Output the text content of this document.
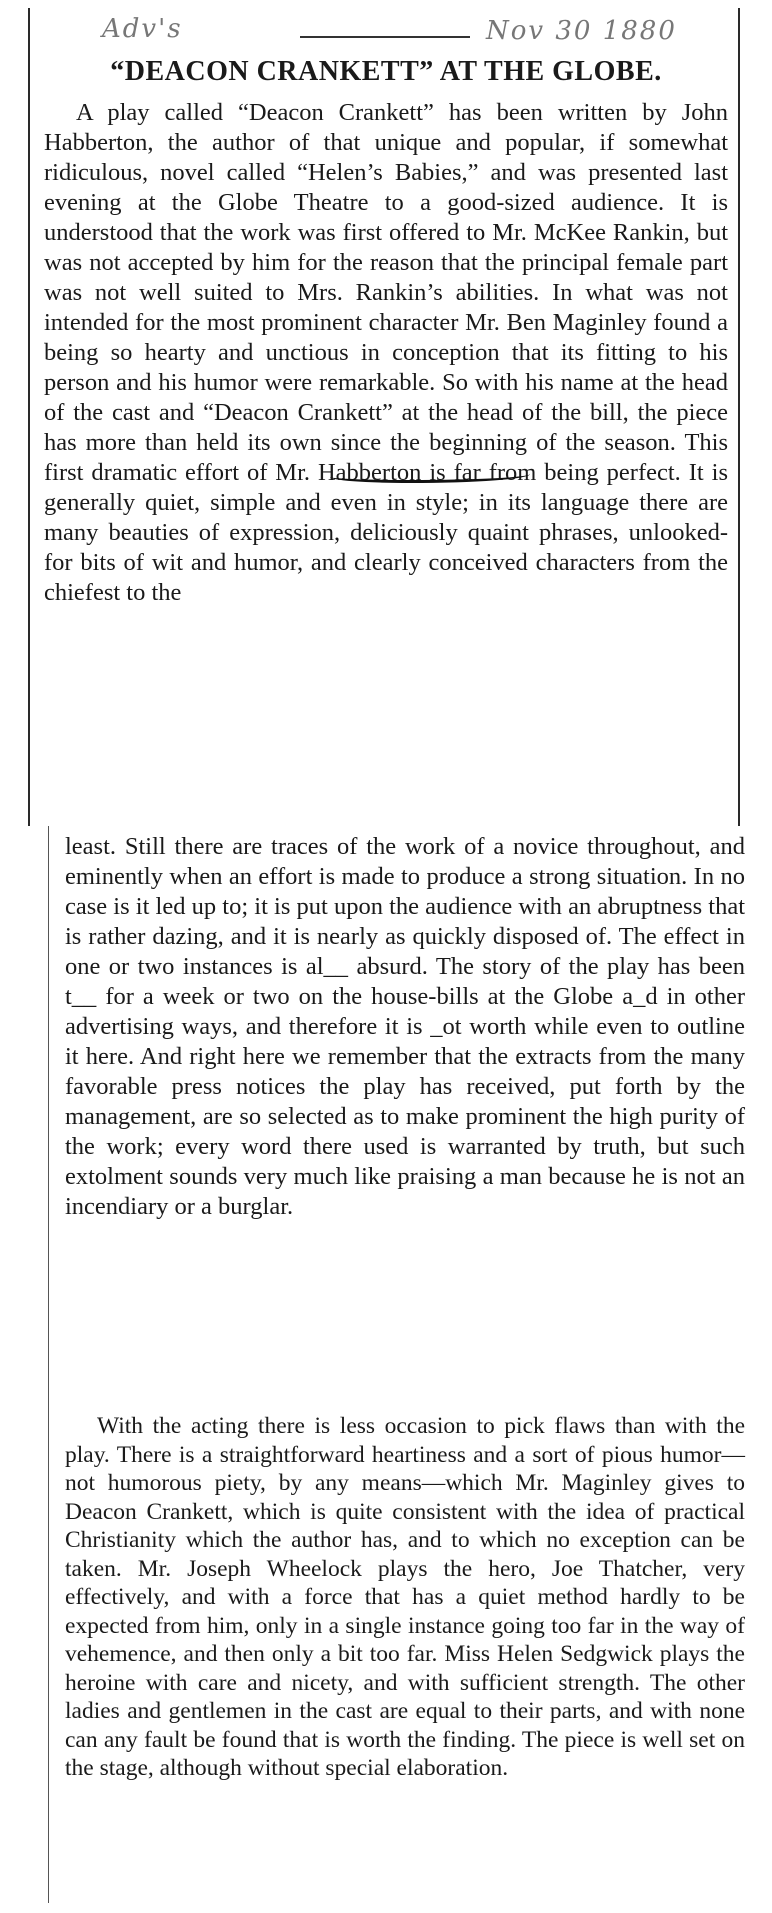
Adv's	Nov 30 1880
“DEACON CRANKETT” AT THE GLOBE.

A play called “Deacon Crankett” has been written by John Habberton, the author of that unique and popular, if somewhat ridiculous, novel called “Helen’s Babies,” and was presented last evening at the Globe Theatre to a good-sized audience. It is understood that the work was first offered to Mr. McKee Rankin, but was not accepted by him for the reason that the principal female part was not well suited to Mrs. Rankin’s abilities. In what was not intended for the most prominent character Mr. Ben Maginley found a being so hearty and unctious in conception that its fitting to his person and his humor were remarkable. So with his name at the head of the cast and “Deacon Crankett” at the head of the bill, the piece has more than held its own since the beginning of the season. This first dramatic effort of Mr. Habberton is far from being perfect. It is generally quiet, simple and even in style; in its language there are many beauties of expression, deliciously quaint phrases, unlooked-for bits of wit and humor, and clearly conceived characters from the chiefest to the

least. Still there are traces of the work of a novice throughout, and eminently when an effort is made to produce a strong situation. In no case is it led up to; it is put upon the audience with an abruptness that is rather dazing, and it is nearly as quickly disposed of. The effect in one or two instances is al__ absurd. The story of the play has been t__ for a week or two on the house-bills at the Globe a_d in other advertising ways, and therefore it is _ot worth while even to outline it here. And right here we remember that the extracts from the many favorable press notices the play has received, put forth by the management, are so selected as to make prominent the high purity of the work; every word there used is warranted by truth, but such extolment sounds very much like praising a man because he is not an incendiary or a burglar.

With the acting there is less occasion to pick flaws than with the play. There is a straightforward heartiness and a sort of pious humor—not humorous piety, by any means—which Mr. Maginley gives to Deacon Crankett, which is quite consistent with the idea of practical Christianity which the author has, and to which no exception can be taken. Mr. Joseph Wheelock plays the hero, Joe Thatcher, very effectively, and with a force that has a quiet method hardly to be expected from him, only in a single instance going too far in the way of vehemence, and then only a bit too far. Miss Helen Sedgwick plays the heroine with care and nicety, and with sufficient strength. The other ladies and gentlemen in the cast are equal to their parts, and with none can any fault be found that is worth the finding. The piece is well set on the stage, although without special elaboration.
